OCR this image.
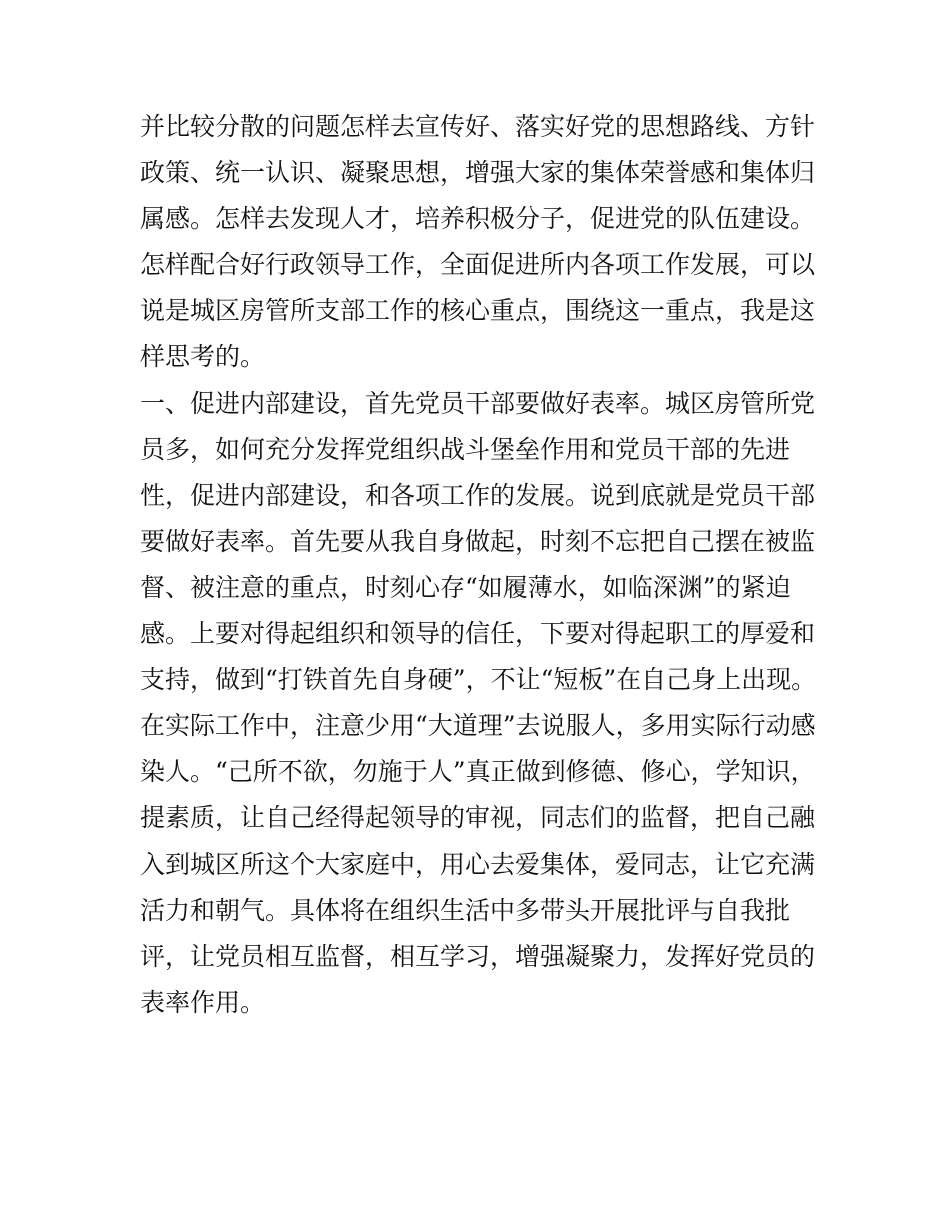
并比较分散的问题怎样去宣传好、落实好党的思想路线、方针
政策、统一认识、凝聚思想，增强大家的集体荣誉感和集体归
属感。怎样去发现人才，培养积极分子，促进党的队伍建设。
怎样配合好行政领导工作，全面促进所内各项工作发展，可以
说是城区房管所支部工作的核心重点，围绕这一重点，我是这
样思考的。
一、促进内部建设，首先党员干部要做好表率。城区房管所党
员多，如何充分发挥党组织战斗堡垒作用和党员干部的先进
性，促进内部建设，和各项工作的发展。说到底就是党员干部
要做好表率。首先要从我自身做起，时刻不忘把自己摆在被监
督、被注意的重点，时刻心存“如履薄水，如临深渊”的紧迫
感。上要对得起组织和领导的信任，下要对得起职工的厚爱和
支持，做到“打铁首先自身硬”，不让“短板”在自己身上出现。
在实际工作中，注意少用“大道理”去说服人，多用实际行动感
染人。“己所不欲，勿施于人”真正做到修德、修心，学知识，
提素质，让自己经得起领导的审视，同志们的监督，把自己融
入到城区所这个大家庭中，用心去爱集体，爱同志，让它充满
活力和朝气。具体将在组织生活中多带头开展批评与自我批
评，让党员相互监督，相互学习，增强凝聚力，发挥好党员的
表率作用。
